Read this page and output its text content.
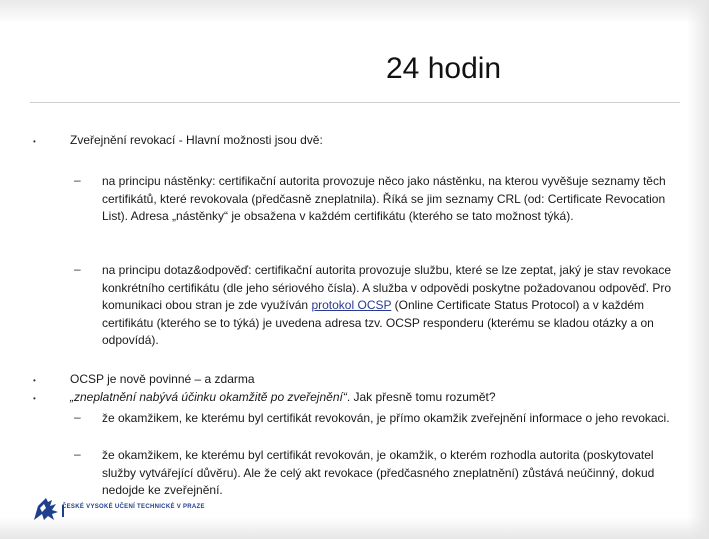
24 hodin
•	Zveřejnění revokací - Hlavní možnosti jsou dvě:

– na principu nástěnky: certifikační autorita provozuje něco jako nástěnku, na kterou vyvěšuje seznamy těch certifikátů, které revokovala (předčasně zneplatnila). Říká se jim seznamy CRL (od: Certificate Revocation List). Adresa „nástěnky“ je obsažena v každém certifikátu (kterého se tato možnost týká).

– na principu dotaz&odpověď: certifikační autorita provozuje službu, které se lze zeptat, jaký je stav revokace konkrétního certifikátu (dle jeho sériového čísla). A služba v odpovědi poskytne požadovanou odpověď. Pro komunikaci obou stran je zde využíván protokol OCSP (Online Certificate Status Protocol) a v každém certifikátu (kterého se to týká) je uvedena adresa tzv. OCSP responderu (kterému se kladou otázky a on odpovídá).

•	OCSP je nově povinné – a zdarma

•	„zneplatnění nabývá účinku okamžitě po zveřejnění“. Jak přesně tomu rozumět?

– že okamžikem, ke kterému byl certifikát revokován, je přímo okamžik zveřejnění informace o jeho revokaci.

– že okamžikem, ke kterému byl certifikát revokován, je okamžik, o kterém rozhodla autorita (poskytovatel služby vytvářející důvěru). Ale že celý akt revokace (předčasného zneplatnění) zůstává neúčinný, dokud nedojde ke zveřejnění.

ČESKÉ VYSOKÉ UČENÍ TECHNICKÉ V PRAZE
